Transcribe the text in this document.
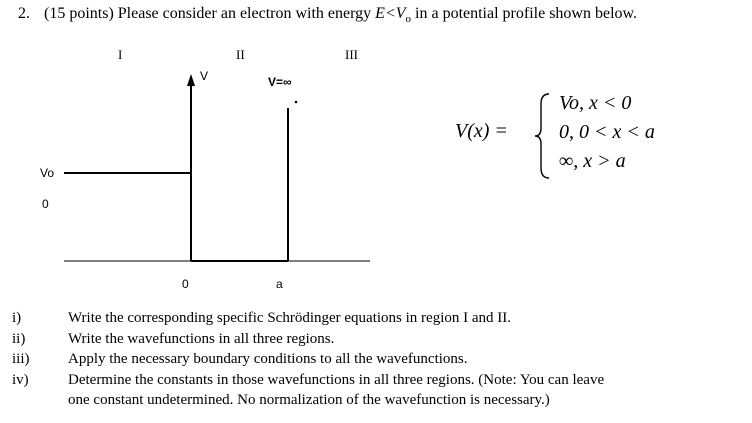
2. (15 points) Please consider an electron with energy $E<V_o$ in a potential profile shown below.
I	II	III
V	V=∞
Vo
0
0	a
V(x) =
Vo, x < 0
0, 0 < x < a
∞, x > a
i)	Write the corresponding specific Schrödinger equations in region I and II.
ii)	Write the wavefunctions in all three regions.
iii)	Apply the necessary boundary conditions to all the wavefunctions.
iv)	Determine the constants in those wavefunctions in all three regions. (Note: You can leave
one constant undetermined. No normalization of the wavefunction is necessary.)
